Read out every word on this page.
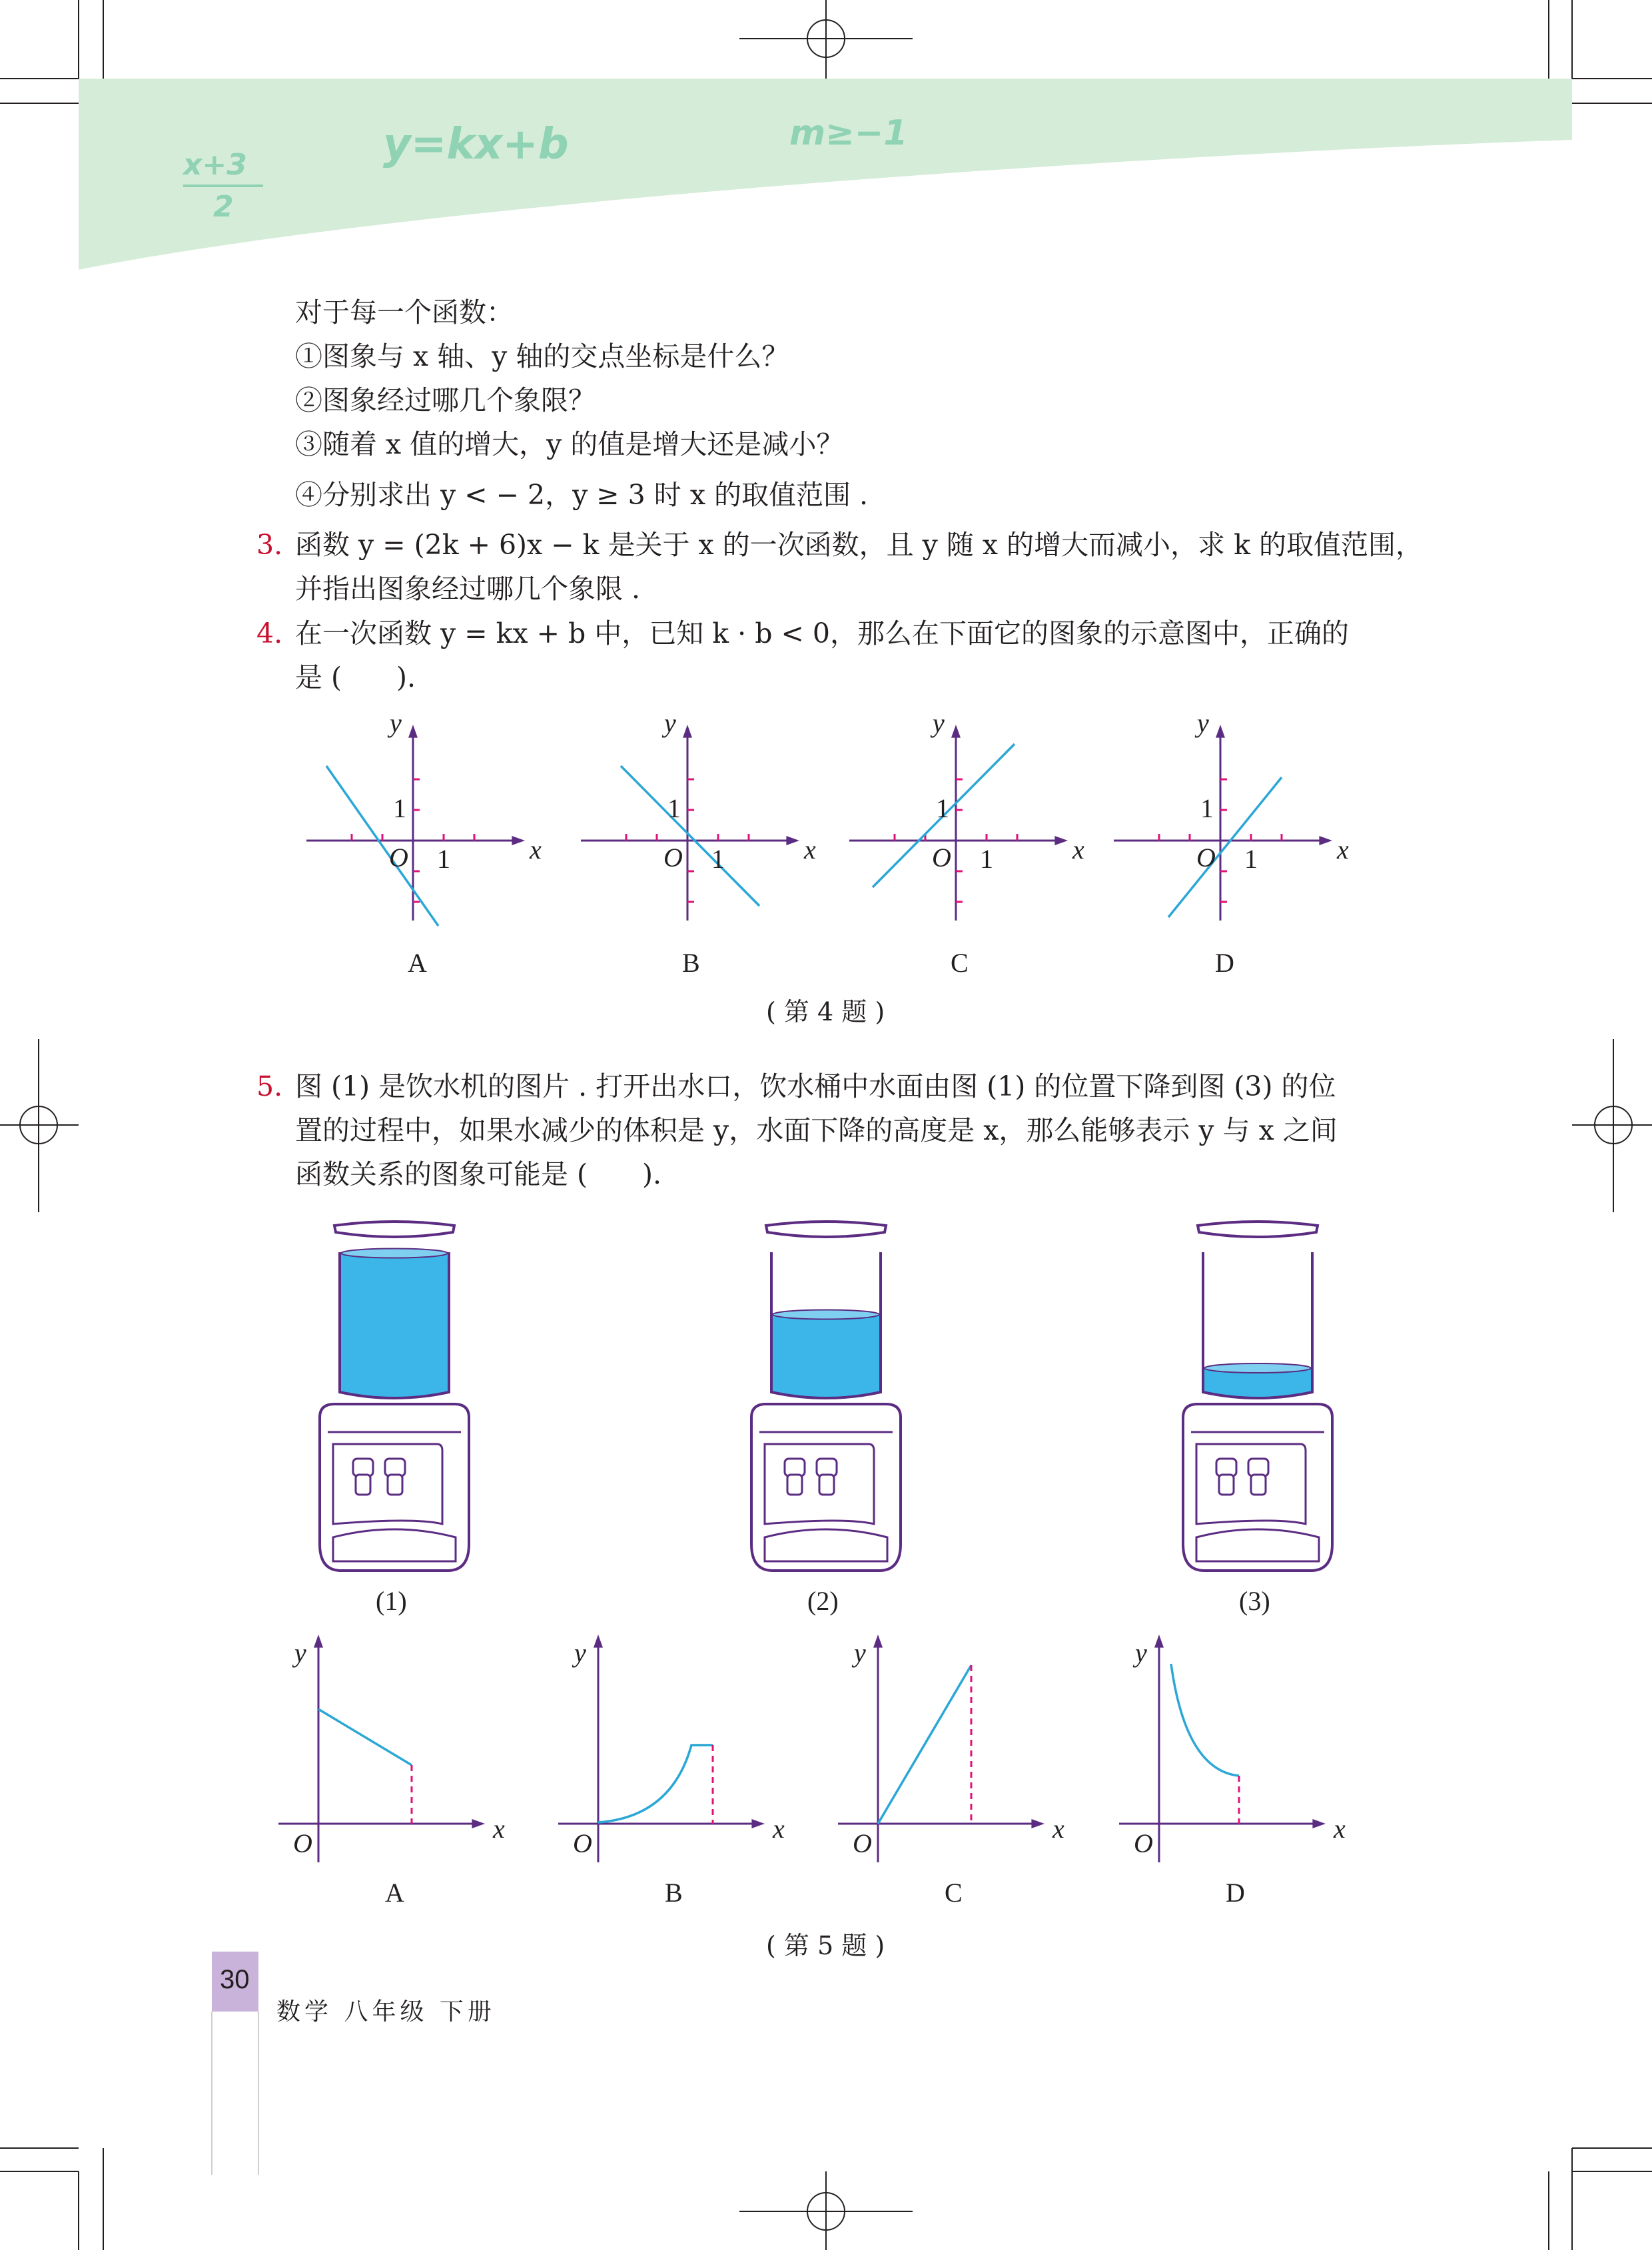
x+3
2
y=kx+b	m≥−1
对于每一个函数：
①图象与 x 轴、y 轴的交点坐标是什么？
②图象经过哪几个象限？
③随着 x 值的增大，y 的值是增大还是减小？
④分别求出 y < − 2，y ≥ 3 时 x 的取值范围 .
3. 函数 y = (2k + 6)x − k 是关于 x 的一次函数，且 y 随 x 的增大而减小，求 k 的取值范围，
并指出图象经过哪几个象限 .
4. 在一次函数 y = kx + b 中，已知 k · b < 0，那么在下面它的图象的示意图中，正确的
是 (　　).
y
x
O
1
1
A
y
x
O
1
1
B
y
x
O
1
1
C
y
x
O
1
1
D
( 第 4 题 )
5. 图 (1) 是饮水机的图片 . 打开出水口，饮水桶中水面由图 (1) 的位置下降到图 (3) 的位
置的过程中，如果水减少的体积是 y，水面下降的高度是 x，那么能够表示 y 与 x 之间
函数关系的图象可能是 (　　).
(1)	(2)	(3)
y
x
O
A
y
x
O
B
y
x
O
C
y
x
O
D
( 第 5 题 )
30
数学 八年级 下册
